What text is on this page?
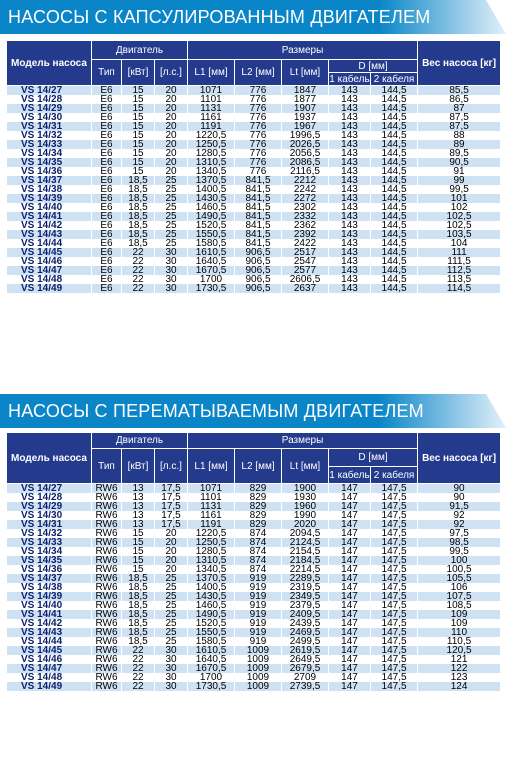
НАСОСЫ С КАПСУЛИРОВАННЫМ ДВИГАТЕЛЕМ
Модель насоса	Двигатель			Размеры					Вес насоса [кг]
	Тип	[кВт]	[л.с.]	L1 [мм]	L2 [мм]	Lt [мм]	D [мм]		
							1 кабель	2 кабеля	
VS 14/27	E6	15	20	1071	776	1847	143	144,5	85,5
VS 14/28	E6	15	20	1101	776	1877	143	144,5	86,5
VS 14/29	E6	15	20	1131	776	1907	143	144,5	87
VS 14/30	E6	15	20	1161	776	1937	143	144,5	87,5
VS 14/31	E6	15	20	1191	776	1967	143	144,5	87,5
VS 14/32	E6	15	20	1220,5	776	1996,5	143	144,5	88
VS 14/33	E6	15	20	1250,5	776	2026,5	143	144,5	89
VS 14/34	E6	15	20	1280,5	776	2056,5	143	144,5	89,5
VS 14/35	E6	15	20	1310,5	776	2086,5	143	144,5	90,5
VS 14/36	E6	15	20	1340,5	776	2116,5	143	144,5	91
VS 14/37	E6	18,5	25	1370,5	841,5	2212	143	144,5	99
VS 14/38	E6	18,5	25	1400,5	841,5	2242	143	144,5	99,5
VS 14/39	E6	18,5	25	1430,5	841,5	2272	143	144,5	101
VS 14/40	E6	18,5	25	1460,5	841,5	2302	143	144,5	102
VS 14/41	E6	18,5	25	1490,5	841,5	2332	143	144,5	102,5
VS 14/42	E6	18,5	25	1520,5	841,5	2362	143	144,5	102,5
VS 14/43	E6	18,5	25	1550,5	841,5	2392	143	144,5	103,5
VS 14/44	E6	18,5	25	1580,5	841,5	2422	143	144,5	104
VS 14/45	E6	22	30	1610,5	906,5	2517	143	144,5	111
VS 14/46	E6	22	30	1640,5	906,5	2547	143	144,5	111,5
VS 14/47	E6	22	30	1670,5	906,5	2577	143	144,5	112,5
VS 14/48	E6	22	30	1700	906,5	2606,5	143	144,5	113,5
VS 14/49	E6	22	30	1730,5	906,5	2637	143	144,5	114,5
НАСОСЫ С ПЕРЕМАТЫВАЕМЫМ ДВИГАТЕЛЕМ
Модель насоса	Двигатель			Размеры					Вес насоса [кг]
	Тип	[кВт]	[л.с.]	L1 [мм]	L2 [мм]	Lt [мм]	D [мм]		
							1 кабель	2 кабеля	
VS 14/27	RW6	13	17,5	1071	829	1900	147	147,5	90
VS 14/28	RW6	13	17,5	1101	829	1930	147	147,5	90
VS 14/29	RW6	13	17,5	1131	829	1960	147	147,5	91,5
VS 14/30	RW6	13	17,5	1161	829	1990	147	147,5	92
VS 14/31	RW6	13	17,5	1191	829	2020	147	147,5	92
VS 14/32	RW6	15	20	1220,5	874	2094,5	147	147,5	97,5
VS 14/33	RW6	15	20	1250,5	874	2124,5	147	147,5	98,5
VS 14/34	RW6	15	20	1280,5	874	2154,5	147	147,5	99,5
VS 14/35	RW6	15	20	1310,5	874	2184,5	147	147,5	100
VS 14/36	RW6	15	20	1340,5	874	2214,5	147	147,5	100,5
VS 14/37	RW6	18,5	25	1370,5	919	2289,5	147	147,5	105,5
VS 14/38	RW6	18,5	25	1400,5	919	2319,5	147	147,5	106
VS 14/39	RW6	18,5	25	1430,5	919	2349,5	147	147,5	107,5
VS 14/40	RW6	18,5	25	1460,5	919	2379,5	147	147,5	108,5
VS 14/41	RW6	18,5	25	1490,5	919	2409,5	147	147,5	109
VS 14/42	RW6	18,5	25	1520,5	919	2439,5	147	147,5	109
VS 14/43	RW6	18,5	25	1550,5	919	2469,5	147	147,5	110
VS 14/44	RW6	18,5	25	1580,5	919	2499,5	147	147,5	110,5
VS 14/45	RW6	22	30	1610,5	1009	2619,5	147	147,5	120,5
VS 14/46	RW6	22	30	1640,5	1009	2649,5	147	147,5	121
VS 14/47	RW6	22	30	1670,5	1009	2679,5	147	147,5	122
VS 14/48	RW6	22	30	1700	1009	2709	147	147,5	123
VS 14/49	RW6	22	30	1730,5	1009	2739,5	147	147,5	124
